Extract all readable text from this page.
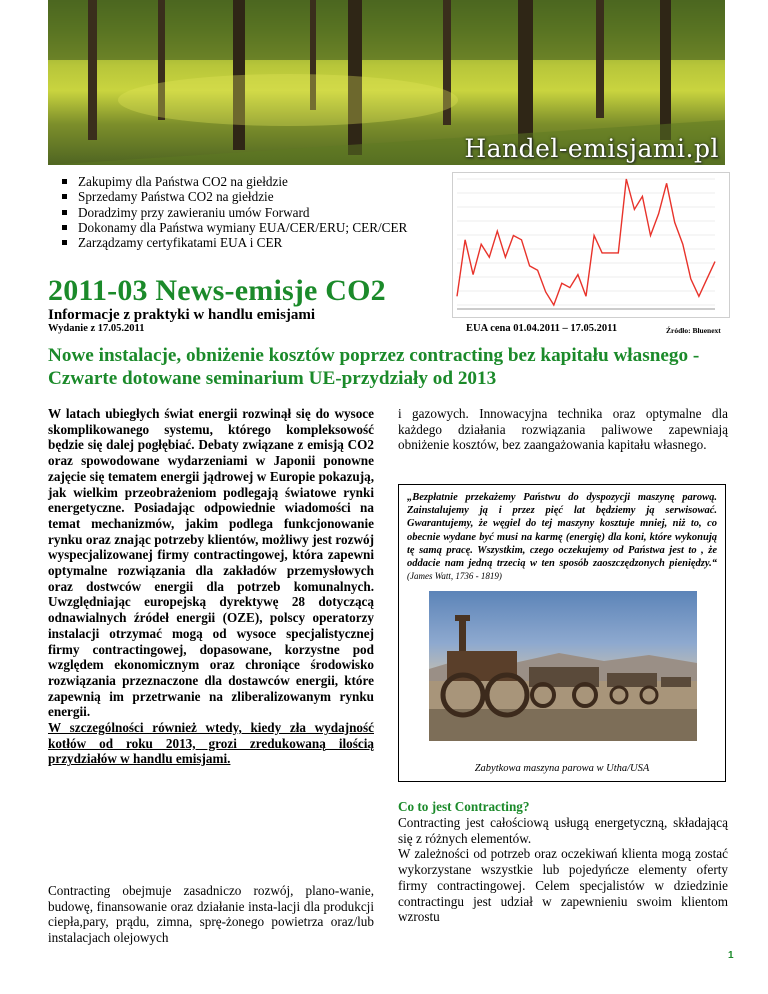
Handel-emisjami.pl
Zakupimy dla Państwa CO2 na giełdzie
Sprzedamy Państwa CO2 na giełdzie
Doradzimy przy zawieraniu umów Forward
Dokonamy dla Państwa wymiany EUA/CER/ERU; CER/CER
Zarządzamy certyfikatami EUA i CER
EUA cena 01.04.2011 – 17.05.2011	Źródło: Bluenext
2011-03 News-emisje CO2
Informacje z praktyki w handlu emisjami
Wydanie z 17.05.2011
Nowe instalacje, obniżenie kosztów poprzez contracting bez kapitału własnego - Czwarte dotowane seminarium UE-przydziały od 2013

W latach ubiegłych świat energii rozwinął się do wysoce skomplikowanego systemu, którego kompleksowość będzie się dalej pogłębiać. Debaty związane z emisją CO2 oraz spowodowane wydarzeniami w Japonii ponowne zajęcie się tematem energii jądrowej w Europie pokazują, jak wielkim przeobrażeniom podlegają światowe rynki energetyczne. Posiadając odpowiednie wiadomości na temat mechanizmów, jakim podlega funkcjonowanie rynku oraz znając potrzeby klientów, możliwy jest rozwój wyspecjalizowanej firmy contractingowej, która zapewni optymalne rozwiązania dla zakładów przemysłowych oraz dostwców energii dla potrzeb komunalnych. Uwzględniając europejską dyrektywę 28 dotyczącą odnawialnych źródeł energii (OZE), polscy operatorzy instalacji otrzymać mogą od wysoce specjalistycznej firmy contractingowej, dopasowane, korzystne pod względem ekonomicznym oraz chroniące środowisko rozwiązania przeznaczone dla dostawców energii, które zapewnią im przetrwanie na zliberalizowanym rynku energii.

W szczególności również wtedy, kiedy zła wydajność kotłów od roku 2013, grozi zredukowaną ilością przydziałów w handlu emisjami.

Contracting obejmuje zasadniczo rozwój, plano-wanie, budowę, finansowanie oraz działanie insta-lacji dla produkcji ciepła,pary, prądu, zimna, sprę-żonego powietrza oraz/lub instalacjach olejowych
i gazowych. Innowacyjna technika oraz optymalne dla każdego działania rozwiązania paliwowe zapewniają obniżenie kosztów, bez zaangażowania kapitału własnego.
„Bezpłatnie przekażemy Państwu do dyspozycji maszynę parową. Zainstalujemy ją i przez pięć lat będziemy ją serwisować. Gwarantujemy, że węgiel do tej maszyny kosztuje mniej, niż to, co obecnie wydane być musi na karmę (energię) dla koni, które wykonują tę samą pracę. Wszystkim, czego oczekujemy od Państwa jest to , że oddacie nam jedną trzecią w ten sposób zaoszczędzonych pieniędzy.“ (James Watt, 1736 - 1819)
Zabytkowa maszyna parowa w Utha/USA
Co to jest Contracting?

Contracting jest całościową usługą energetyczną, składającą się z różnych elementów.

W zależności od potrzeb oraz oczekiwań klienta mogą zostać wykorzystane wszystkie lub pojedyńcze elementy oferty firmy contractingowej. Celem specjalistów w dziedzinie contractingu jest udział w zapewnieniu swoim klientom wzrostu

1
